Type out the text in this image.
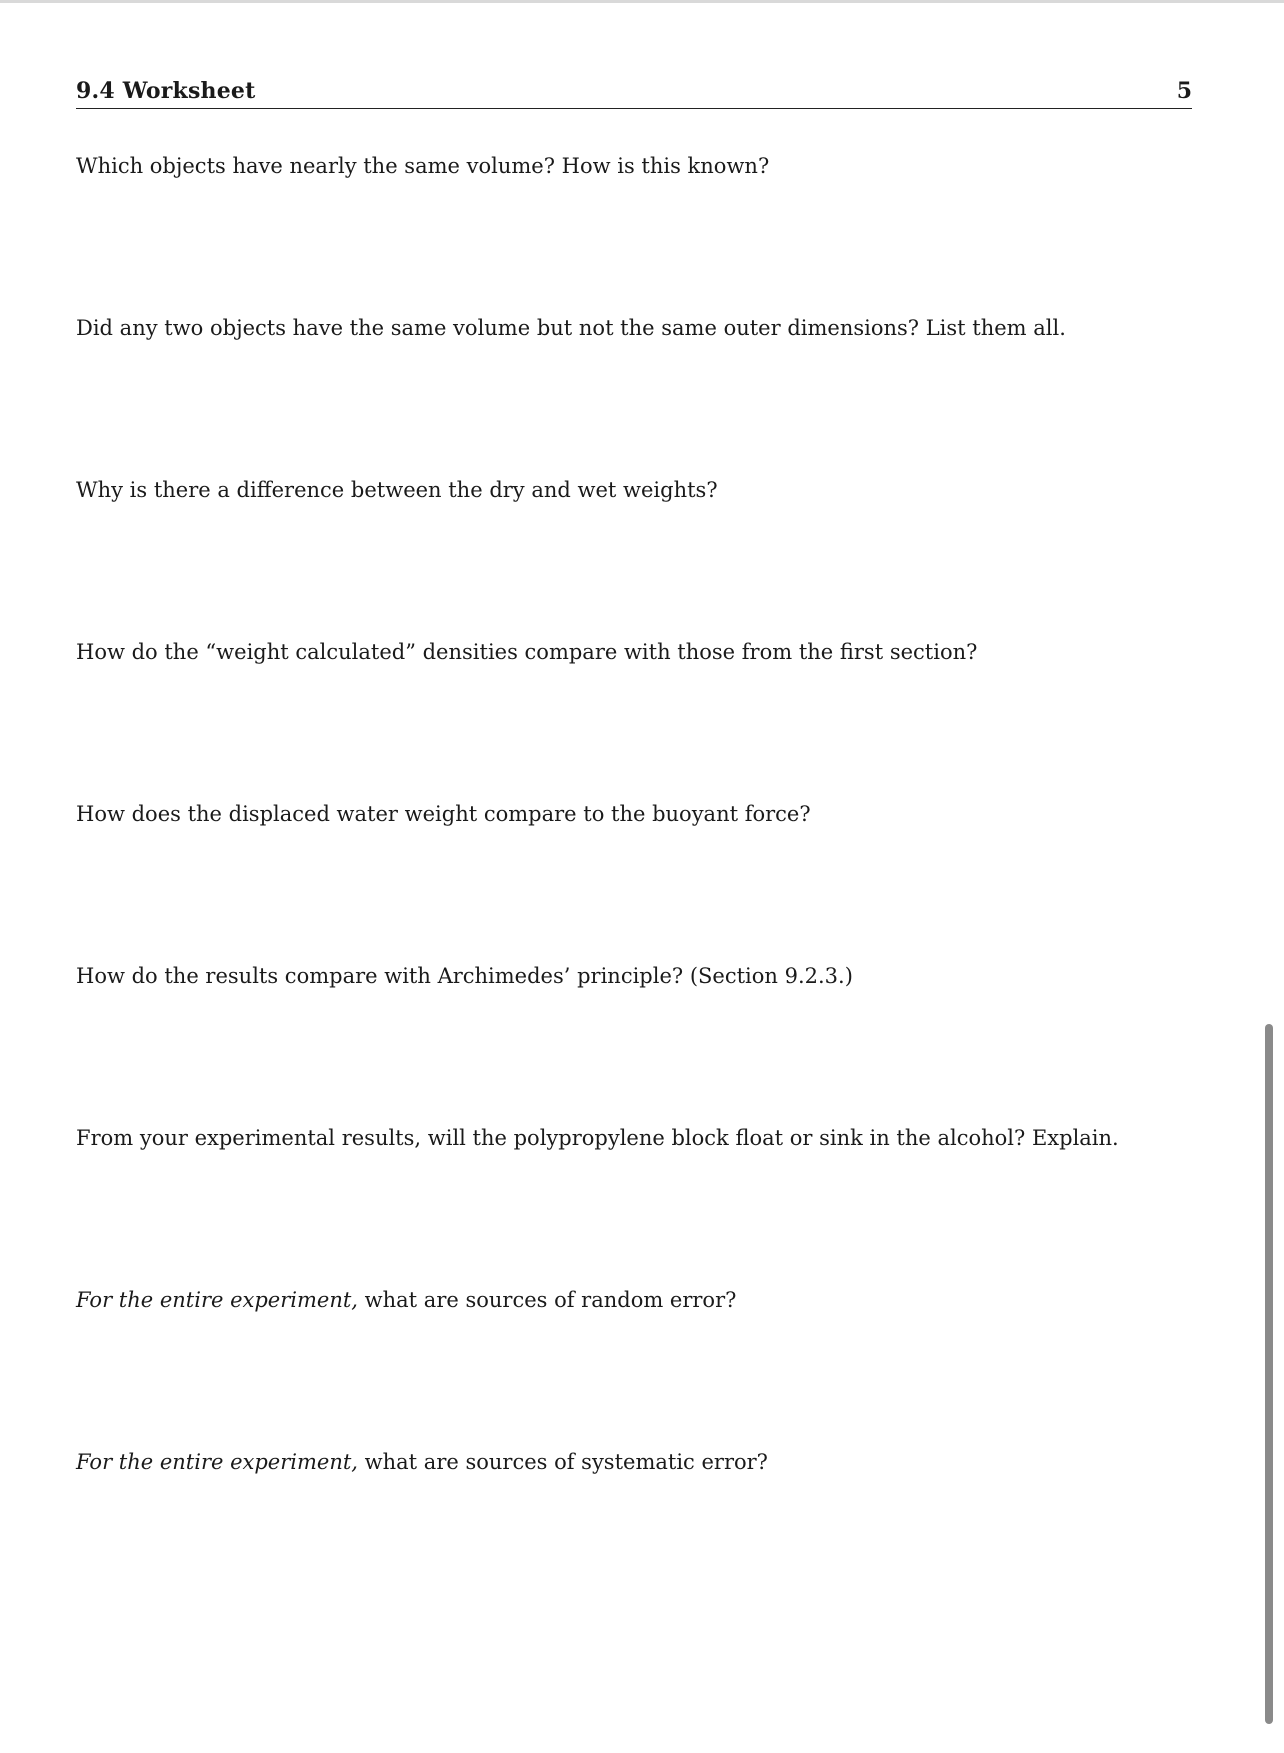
9.4 Worksheet	5

Which objects have nearly the same volume? How is this known?

Did any two objects have the same volume but not the same outer dimensions? List them all.

Why is there a difference between the dry and wet weights?

How do the “weight calculated” densities compare with those from the first section?

How does the displaced water weight compare to the buoyant force?

How do the results compare with Archimedes’ principle? (Section 9.2.3.)

From your experimental results, will the polypropylene block float or sink in the alcohol? Explain.

For the entire experiment, what are sources of random error?

For the entire experiment, what are sources of systematic error?
